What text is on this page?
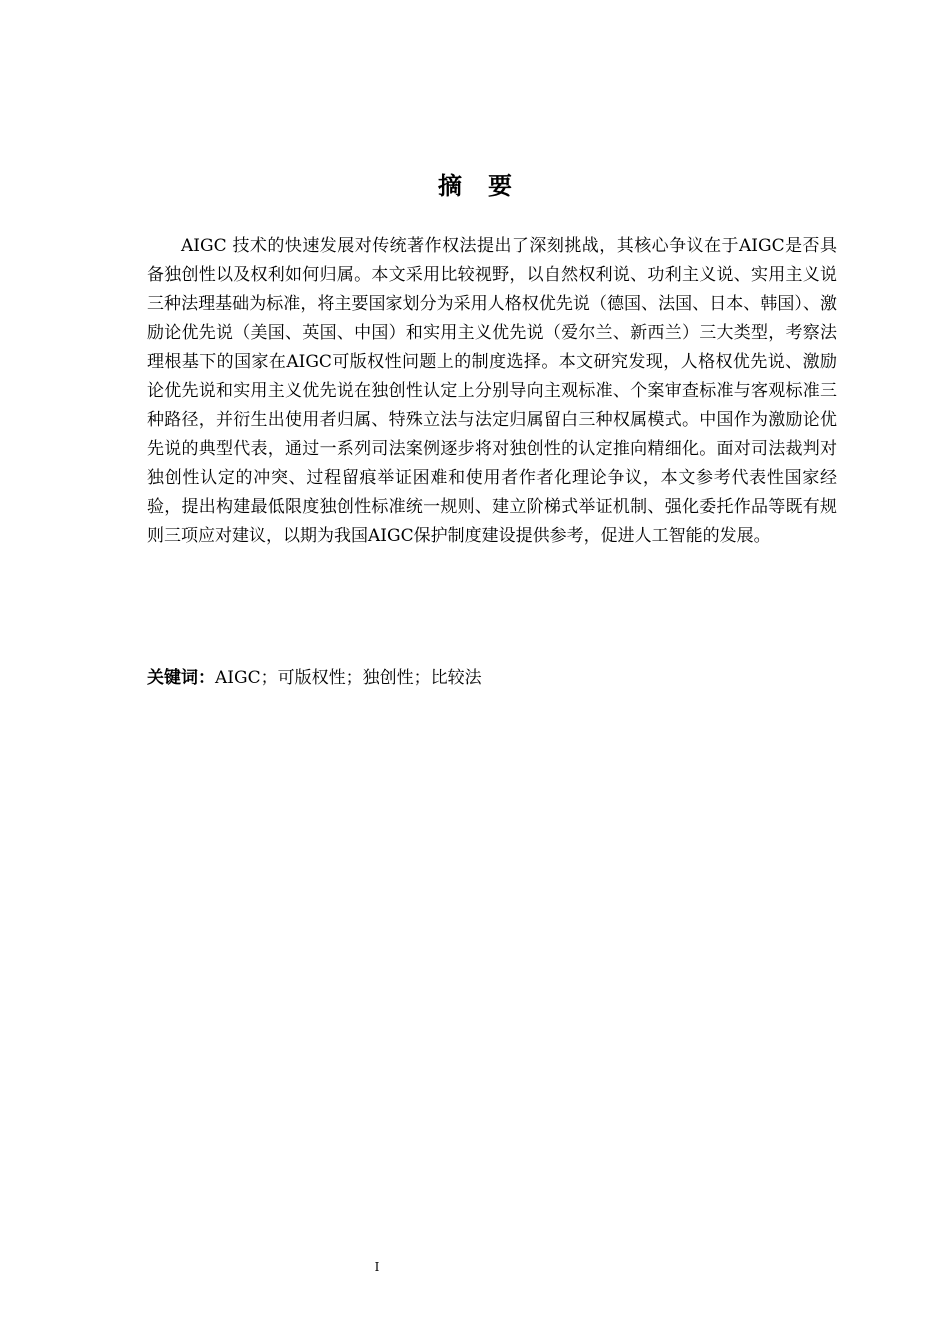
摘要

AIGC 技术的快速发展对传统著作权法提出了深刻挑战，其核心争议在于AIGC是否具备独创性以及权利如何归属。本文采用比较视野，以自然权利说、功利主义说、实用主义说三种法理基础为标准，将主要国家划分为采用人格权优先说（德国、法国、日本、韩国）、激励论优先说（美国、英国、中国）和实用主义优先说（爱尔兰、新西兰）三大类型，考察法理根基下的国家在AIGC可版权性问题上的制度选择。本文研究发现，人格权优先说、激励论优先说和实用主义优先说在独创性认定上分别导向主观标准、个案审查标准与客观标准三种路径，并衍生出使用者归属、特殊立法与法定归属留白三种权属模式。中国作为激励论优先说的典型代表，通过一系列司法案例逐步将对独创性的认定推向精细化。面对司法裁判对独创性认定的冲突、过程留痕举证困难和使用者作者化理论争议，本文参考代表性国家经验，提出构建最低限度独创性标准统一规则、建立阶梯式举证机制、强化委托作品等既有规则三项应对建议，以期为我国AIGC保护制度建设提供参考，促进人工智能的发展。

关键词：AIGC；可版权性；独创性；比较法

I
